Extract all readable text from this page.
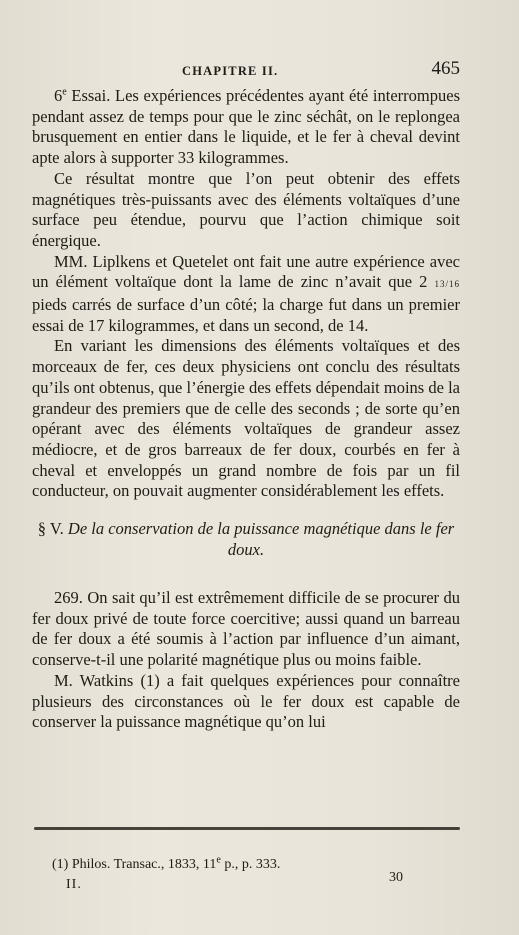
CHAPITRE II.	465

6e Essai. Les expériences précédentes ayant été interrompues pendant assez de temps pour que le zinc séchât, on le replongea brusquement en entier dans le liquide, et le fer à cheval devint apte alors à supporter 33 kilogrammes.

Ce résultat montre que l’on peut obtenir des effets magnétiques très-puissants avec des éléments voltaïques d’une surface peu étendue, pourvu que l’action chimique soit énergique.

MM. Liplkens et Quetelet ont fait une autre expérience avec un élément voltaïque dont la lame de zinc n’avait que 2 13/16 pieds carrés de surface d’un côté; la charge fut dans un premier essai de 17 kilogrammes, et dans un second, de 14.

En variant les dimensions des éléments voltaïques et des morceaux de fer, ces deux physiciens ont conclu des résultats qu’ils ont obtenus, que l’énergie des effets dépendait moins de la grandeur des premiers que de celle des seconds ; de sorte qu’en opérant avec des éléments voltaïques de grandeur assez médiocre, et de gros barreaux de fer doux, courbés en fer à cheval et enveloppés un grand nombre de fois par un fil conducteur, on pouvait augmenter considérablement les effets.

§ V. De la conservation de la puissance magnétique dans le fer doux.

269. On sait qu’il est extrêmement difficile de se procurer du fer doux privé de toute force coercitive; aussi quand un barreau de fer doux a été soumis à l’action par influence d’un aimant, conserve-t-il une polarité magnétique plus ou moins faible.

M. Watkins (1) a fait quelques expériences pour connaître plusieurs des circonstances où le fer doux est capable de conserver la puissance magnétique qu’on lui

(1) Philos. Transac., 1833, 11e p., p. 333.
II.	30
